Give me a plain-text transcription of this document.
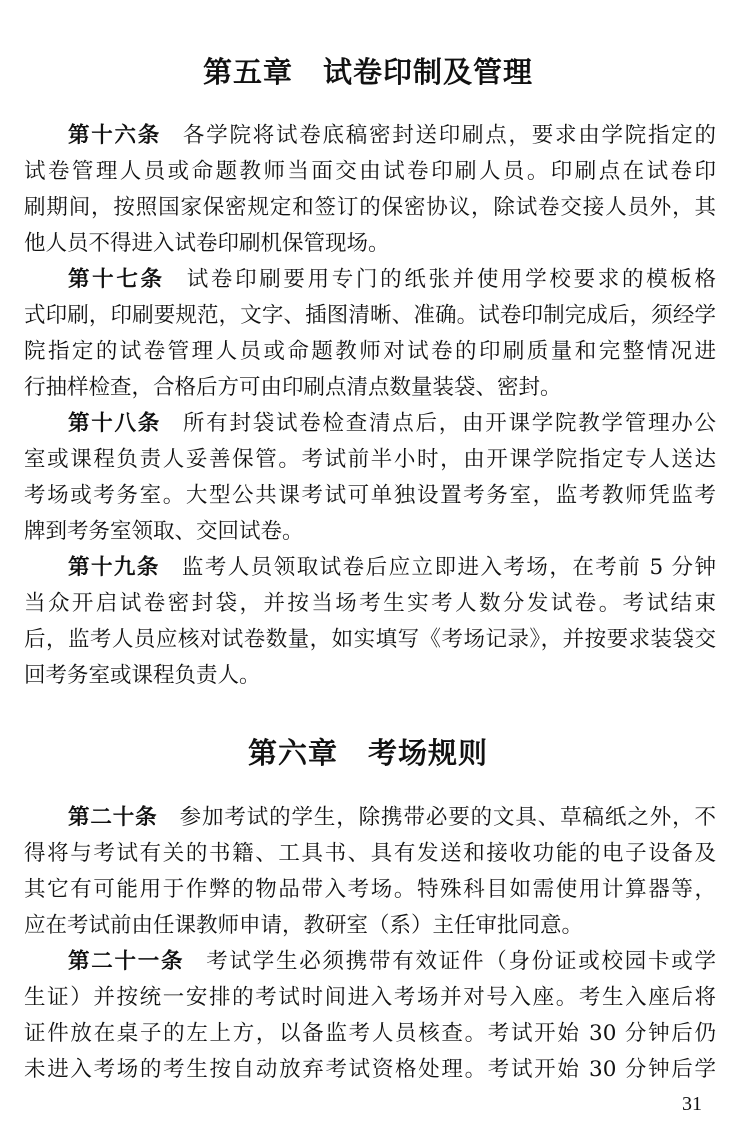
第五章　试卷印制及管理
第十六条 各学院将试卷底稿密封送印刷点，要求由学院指定的
试卷管理人员或命题教师当面交由试卷印刷人员。印刷点在试卷印
刷期间，按照国家保密规定和签订的保密协议，除试卷交接人员外，其
他人员不得进入试卷印刷机保管现场。
第十七条 试卷印刷要用专门的纸张并使用学校要求的模板格
式印刷，印刷要规范，文字、插图清晰、准确。试卷印制完成后，须经学
院指定的试卷管理人员或命题教师对试卷的印刷质量和完整情况进
行抽样检查，合格后方可由印刷点清点数量装袋、密封。
第十八条 所有封袋试卷检查清点后，由开课学院教学管理办公
室或课程负责人妥善保管。考试前半小时，由开课学院指定专人送达
考场或考务室。大型公共课考试可单独设置考务室，监考教师凭监考
牌到考务室领取、交回试卷。
第十九条 监考人员领取试卷后应立即进入考场，在考前 5 分钟
当众开启试卷密封袋，并按当场考生实考人数分发试卷。考试结束
后，监考人员应核对试卷数量，如实填写《考场记录》，并按要求装袋交
回考务室或课程负责人。
第六章　考场规则
第二十条 参加考试的学生，除携带必要的文具、草稿纸之外，不
得将与考试有关的书籍、工具书、具有发送和接收功能的电子设备及
其它有可能用于作弊的物品带入考场。特殊科目如需使用计算器等，
应在考试前由任课教师申请，教研室（系）主任审批同意。
第二十一条 考试学生必须携带有效证件（身份证或校园卡或学
生证）并按统一安排的考试时间进入考场并对号入座。考生入座后将
证件放在桌子的左上方，以备监考人员核查。考试开始 30 分钟后仍
未进入考场的考生按自动放弃考试资格处理。考试开始 30 分钟后学
31
